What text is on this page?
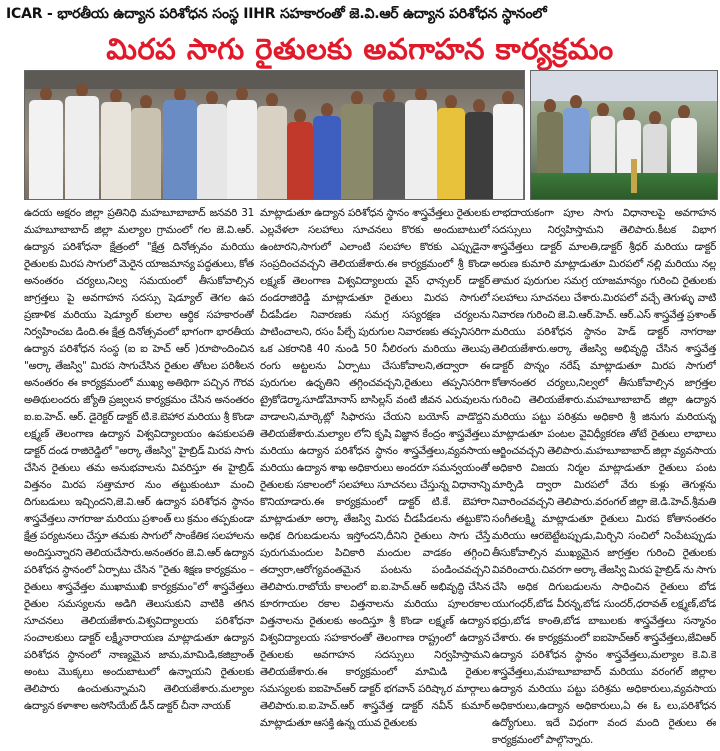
ICAR - భారతీయ ఉద్యాన పరిశోధన సంస్థ IIHR సహకారంతో జె.వి.ఆర్ ఉద్యాన పరిశోధన స్థానంలో
మిరప సాగు రైతులకు అవగాహన కార్యక్రమం
ఉదయ అక్షరం జిల్లా ప్రతినిధి మహబూబాబాద్ జనవరి 31 మహబూబాబాద్ జిల్లా మల్యాల గ్రామంలో గల జె.వి.ఆర్. ఉద్యాన పరిశోధనా క్షేత్రంలో "క్షేత్ర దినోత్సవం మరియు రైతులకు మిరప సాగులో మెరైన యాజమాన్య పద్ధతులు, కోత అనంతరం చర్యలు,నిల్వ సమయంలో తీసుకోవాల్సిన జాగ్రత్తలు పై అవగాహన సదస్సు షెడ్యూల్ తెగల ఉప ప్రణాళిక మరియు షెడ్యూల్ కులాల ఆర్థిక సహకారంతో నిర్వహించబ డింది.ఈ క్షేత్ర దినోత్సవంలో భాగంగా భారతీయ ఉద్యాన పరిశోధన సంస్థ (ఐ ఐ హెచ్ ఆర్ )రూపొందించిన "అర్కా తేజస్వి" మిరప సాగుచేసిన రైతుల తోటల పరిశీలన అనంతరం ఈ కార్యక్రమంలో ముఖ్య అతిథిగా పచ్చిన గౌరవ అతిథులందరు జ్యోతి ప్రజ్వలన కార్యక్రమం చేసిన అనంతరం ఐ.ఐ.హెచ్. ఆర్. డైరెక్టర్ డాక్టర్ టి.కె.బెహార మరియు శ్రీ కొండా లక్ష్మణ్ తెలంగాణ ఉద్యాన విశ్వవిద్యాలయం ఉపకులపతి డాక్టర్ దండ రాజిరెడ్డిలో "అర్కా తేజస్వి" హైబ్రిడ్ మిరప సాగు చేసిన రైతులు తమ అనుభవాలను వివరిస్తూ ఈ హైబ్రిడ్ విత్తనం మిరప సత్తామార నుం తట్టుకుంటూ మంచి దిగుబడులు ఇచ్చిందని,జె.వి.ఆర్ ఉద్యాన పరిశోధన స్థానం శాస్త్రవేత్తలు నాగరాజు మరియు ప్రశాంత్ లు క్రమం తప్పకుండా క్షేత్ర పర్యటనలు చేస్తూ తమకు సాగులో సాంకేతిక సలహాలను అందిస్తున్నారని తెలియచేసారు.అనంతరం జె.వి.ఆర్ ఉద్యాన పరిశోధన స్థానంలో ఏర్పాటు చేసిన "రైతు శిక్షణ కార్యక్రమం – రైతులు శాస్త్రవేత్తల ముఖాముఖి కార్యక్రమం"లో శాస్త్రవేత్తలు రైతుల సమస్యలను అడిగి తెలుసుకుని వాటికి తగిన సూచనలు తెలియజేశారు.విశ్వవిద్యాలయ పరిశోధనా సంచాలకులు డాక్టర్ లక్ష్మీనారాయణ మాట్లాడుతూ ఉద్యాన పరిశోధన స్థానంలో నాణ్యమైన జామ,మామిడి,కజిబ్రాంత్ అంటు మొక్కలు అందుబాటులో ఉన్నాయని రైతులకు తెలిపారు ఉంచుతున్నామని తెలియజేశారు.మల్యాల ఉద్యాన కళాశాల అసోసియేట్ డీన్ డాక్టర్ చీనా నాయక్
మాట్లాడుతూ ఉద్యాన పరిశోధన స్థానం శాస్త్రవేత్తలు రైతులకు ఎల్లవేళలా సలహాలు సూచనలు కొరకు అందుబాటులో ఉంటారని,సాగులో ఎలాంటి సలహాల కొరకు ఎప్పుడైనా సంప్రదించవచ్చని తెలియజేశారు.ఈ కార్యక్రమంలో శ్రీ కొండా లక్ష్మణ్ తెలంగాణ విశ్వవిద్యాలయ వైస్ ఛాన్సలర్ డాక్టర్ దండరాజిరెడ్డి మాట్లాడుతూ రైతులు మిరప సాగులో చీడపీడల నివారణకు సమగ్ర సస్యరక్షణ చర్యలను పాటించాలని, రసం పీల్చే పురుగుల నివారణకు తప్పనిసరిగా ఒక ఎకరానికి 40 నుండి 50 నీలిరంగు మరియు తెలుపు రంగు అట్టలను ఏర్పాటు చేసుకోవాలని,తద్వారా ఈ పురుగుల ఉధృతిని తగ్గించవచ్చని,రైతులు తప్పనిసరిగా ట్రైకోడెర్మా,సూడోమోనాస్ బాసిల్లస్ వంటి జీవన ఎరువులను వాడాలని,మార్కెట్లో సిఫారసు చేయని బయోస్ వాడొద్దని తెలియజేశారు.మల్యాల లోని కృషి విజ్ఞాన కేంద్రం శాస్త్రవేత్తలు మరియు ఉద్యాన పరిశోధన స్థానం శాస్త్రవేత్తలు,వ్యవసాయ మరియు ఉద్యాన శాఖ అధికారులు అందరూ సమన్వయంతో రైతులకు సకాలంలో సలహాలు సూచనలు చేస్తున్న విధానాన్ని కొనియాడారు.ఈ కార్యక్రమంలో డాక్టర్ టి.కే. బెహారా మాట్లాడుతూ అర్కా తేజస్వి మిరప చీడపీడలను తట్టుకొని అధిక దిగుబడులను ఇస్తోందని,దీనిని రైతులు సాగు చేస్తే పురుగుమందుల పిచికారి మందుల వాడకం తగ్గించి తద్వారా,ఆరోగ్యవంతమైన పంటను పండించవచ్చని తెలిపారు.రాబోయే కాలంలో ఐ.ఐ.హెచ్.ఆర్ అభివృద్ధి చేసిన కూరగాయల రకాల విత్తనాలను మరియు పూలరకాల విత్తనాలను రైతులకు అందిస్తూ శ్రీ కొండా లక్ష్మణ్ ఉద్యాన విశ్వవిద్యాలయ సహకారంతో తెలంగాణ రాష్ట్రంలో ఉద్యాన రైతులకు అవగాహన సదస్సులు నిర్వహిస్తామని తెలియజేశారు.ఈ కార్యక్రమంలో మామిడి రైతుల సమస్యలకు ఐఐహెచ్ఆర్ డాక్టర్ భగవాన్ పరిష్కార మార్గాలు తెలిపారు.ఐ.ఐ.హెచ్.ఆర్ శాస్త్రవేత్త డాక్టర్ నవీన్ కుమార్ మాట్లాడుతూ ఆసక్తి ఉన్న యువ రైతులకు
లాభదాయకంగా పూల సాగు విధానాలపై అవగాహన సదస్సులు నిర్వహిస్తామని తెలిపారు.కీటక విభాగ శాస్త్రవేత్తలు డాక్టర్ మాలతి,డాక్టర్ శ్రీధర్ మరియు డాక్టర్ అరుణ కుమారి మాట్లాడుతూ మిరపలో నల్లి మరియు నల్ల తామర పురుగుల సమగ్ర యాజమాన్యం గురించి రైతులకు సలహాలు సూచనలు చేశారు.మిరపలో వచ్చే తెగుళ్ళు వాటి నివారణ గురించి జె.వి.ఆర్.హెచ్. ఆర్.ఎస్ శాస్త్రవేత్త ప్రశాంత్ మరియు పరిశోధన స్థానం హెడ్ డాక్టర్ నాగరాజు తెలియజేశారు.అర్కా తేజస్వి అభివృద్ధి చేసిన శాస్త్రవేత్త డాక్టర్ పొన్నం నరేష్ మాట్లాడుతూ మిరప సాగులో కోతానంతర చర్యలు,నిల్వలో తీసుకోవాల్సిన జాగ్రత్తల గురించి తెలియజేశారు.మహబూబాబాద్ జిల్లా ఉద్యాన మరియు పట్టు పరిశ్రమ అధికారి శ్రీ జినుగు మరియన్న మాట్లాడుతూ పంటల వైవిధ్యీకరణ తోటే రైతులు లాభాలు ఆర్జించవచ్చని తెలిపారు.మహబూబాబాద్ జిల్లా వ్యవసాయ అధికారి విజయ నిర్మల మాట్లాడుతూ రైతులు పంట మార్పిడి ద్వారా మిరపలో వేరు కుళ్లు తెగుళ్లను నివారించవచ్చని తెలిపారు.వరంగల్ జిల్లా జె.డి.హెచ్.శ్రీమతి సంగీతలక్ష్మి మాట్లాడుతూ రైతులు మిరప కోతానంతరం మరియు ఆరబెట్టేటప్పుడు,మిర్చిని సంచిలో నింపేటప్పుడు తీసుకోవాల్సిన ముఖ్యమైన జాగ్రత్తల గురించి రైతులకు వివరించారు.చివరగా అర్కా తేజస్వి మిరప హైబ్రిడ్ ను సాగు చేసి అధిక దిగుబడులను సాధించిన రైతులు బోడ యుగంధర్,బోడ వీరన్న,బోడ సుందర్,ధరావత్ లక్ష్మణ్,బోడ భద్రు,బోడ కాంతి,బోడ బాబులకు శాస్త్రవేత్తలు సన్మానం చేశారు. ఈ కార్యక్రమంలో ఐఐహెచ్ఆర్ శాస్త్రవేత్తలు,జేవిఆర్ ఉద్యాన పరిశోధన స్థానం శాస్త్రవేత్తలు,మల్యాల కె.వి.కె శాస్త్రవేత్తలు,మహబూబాబాద్ మరియు వరంగల్ జిల్లాల ఉద్యాన మరియు పట్టు పరిశ్రమ అధికారులు,వ్యవసాయ అధికారులు,ఉద్యాన అధికారులు,ఏ ఈ ఓ లు,పరిశోధన ఉద్యోగులు. ఇదే విధంగా వంద మంది రైతులు ఈ కార్యక్రమంలో పాల్గొన్నారు.
